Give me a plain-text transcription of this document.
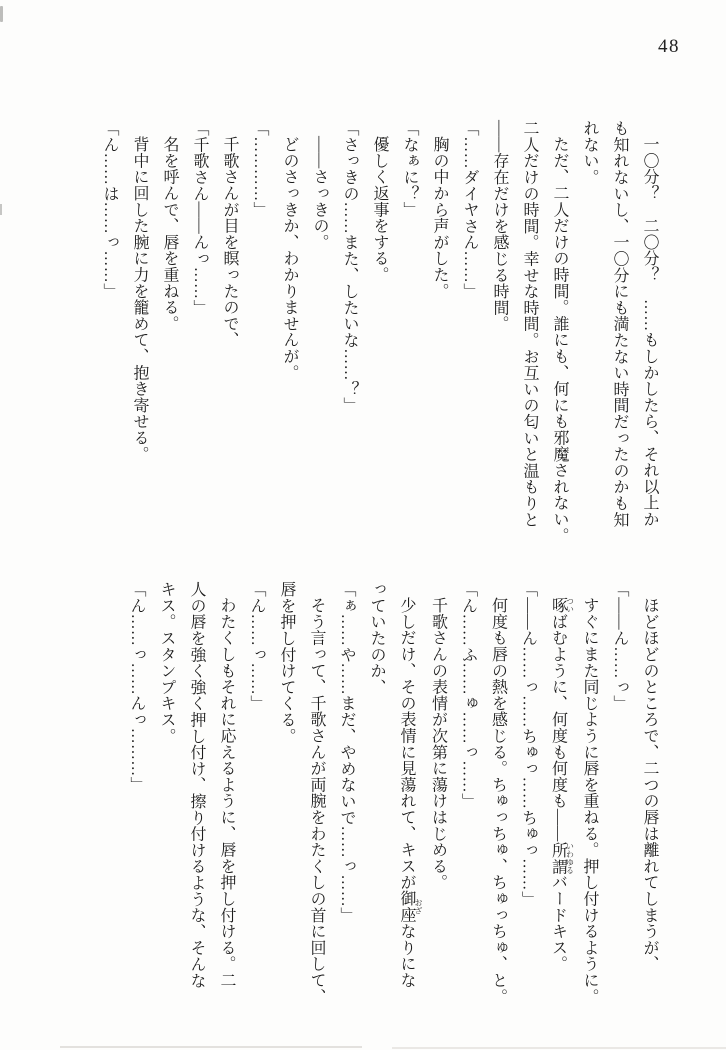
48

一〇分？　二〇分？　……もしかしたら、それ以上か

も知れないし、一〇分にも満たない時間だったのかも知

れない。

ただ、二人だけの時間。誰にも、何にも邪魔されない。

二人だけの時間。幸せな時間。お互いの匂いと温もりと

――存在だけを感じる時間。

「……ダイヤさん……」

胸の中から声がした。

「なぁに？」

優しく返事をする。

「さっきの……また、したいな……？」

――さっきの。

どのさっきか、わかりませんが。

「…………」

千歌さんが目を瞑ったので、

「千歌さん――んっ……」

名を呼んで、唇を重ねる。

背中に回した腕に力を籠めて、抱き寄せる。

「ん……は……っ……」

ほどほどのところで、二つの唇は離れてしまうが、

「――ん……っ」

すぐにまた同じように唇を重ねる。押し付けるように。

啄 ついばむように、何度も何度も――所謂 いわゆるバードキス。

「――ん……っ……ちゅっ……ちゅっ……」

何度も唇の熱を感じる。ちゅっちゅ、ちゅっちゅ、と。

「ん……ふ……ゅ……っ……」

千歌さんの表情が次第に蕩けはじめる。

少しだけ、その表情に見蕩れて、キスが御座 おざなりにな

っていたのか、

「ぁ……や……まだ、やめないで……っ……」

そう言って、千歌さんが両腕をわたくしの首に回して、

唇を押し付けてくる。

「ん……っ……」

わたくしもそれに応えるように、唇を押し付ける。二

人の唇を強く強く押し付け、擦り付けるような、そんな

キス。スタンプキス。

「ん……っ……んっ………」
